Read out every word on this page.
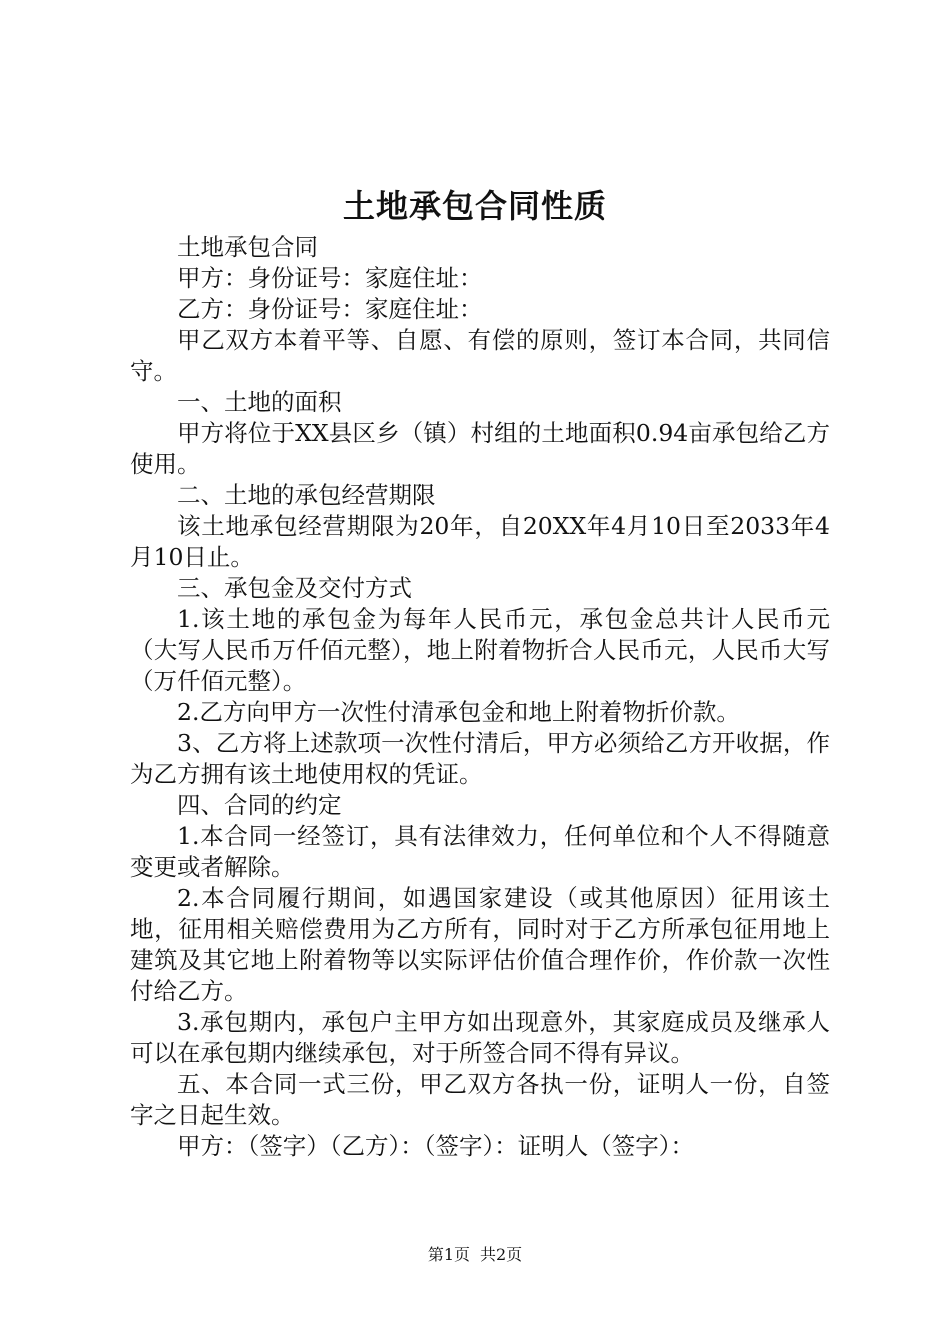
土地承包合同性质

土地承包合同

甲方：身份证号：家庭住址：

乙方：身份证号：家庭住址：

甲乙双方本着平等、自愿、有偿的原则，签订本合同，共同信守。

一、土地的面积

甲方将位于XX县区乡（镇）村组的土地面积0.94亩承包给乙方使用。

二、土地的承包经营期限

该土地承包经营期限为20年，自20XX年4月10日至2033年4月10日止。

三、承包金及交付方式

1.该土地的承包金为每年人民币元，承包金总共计人民币元（大写人民币万仟佰元整），地上附着物折合人民币元，人民币大写（万仟佰元整）。

2.乙方向甲方一次性付清承包金和地上附着物折价款。

3、乙方将上述款项一次性付清后，甲方必须给乙方开收据，作为乙方拥有该土地使用权的凭证。

四、合同的约定

1.本合同一经签订，具有法律效力，任何单位和个人不得随意变更或者解除。

2.本合同履行期间，如遇国家建设（或其他原因）征用该土地，征用相关赔偿费用为乙方所有，同时对于乙方所承包征用地上建筑及其它地上附着物等以实际评估价值合理作价，作价款一次性付给乙方。

3.承包期内，承包户主甲方如出现意外，其家庭成员及继承人可以在承包期内继续承包，对于所签合同不得有异议。

五、本合同一式三份，甲乙双方各执一份，证明人一份，自签字之日起生效。

甲方：（签字）（乙方）：（签字）：证明人（签字）：

第1页 共2页
